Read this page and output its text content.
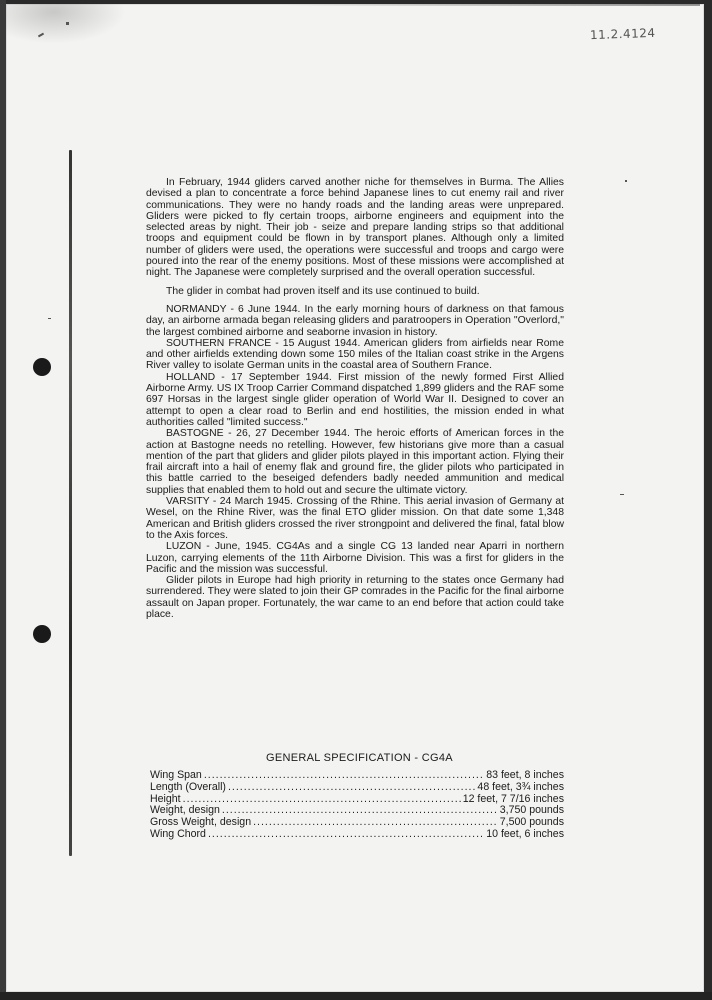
11.2.4124

In February, 1944 gliders carved another niche for themselves in Burma. The Allies devised a plan to concentrate a force behind Japanese lines to cut enemy rail and river communications. They were no handy roads and the landing areas were unprepared. Gliders were picked to fly certain troops, airborne engineers and equipment into the selected areas by night. Their job - seize and prepare landing strips so that additional troops and equipment could be flown in by transport planes. Although only a limited number of gliders were used, the operations were successful and troops and cargo were poured into the rear of the enemy positions. Most of these missions were accomplished at night. The Japanese were completely surprised and the overall operation successful.

The glider in combat had proven itself and its use continued to build.

NORMANDY - 6 June 1944. In the early morning hours of darkness on that famous day, an airborne armada began releasing gliders and paratroopers in Operation "Overlord," the largest combined airborne and seaborne invasion in history.

SOUTHERN FRANCE - 15 August 1944. American gliders from airfields near Rome and other airfields extending down some 150 miles of the Italian coast strike in the Argens River valley to isolate German units in the coastal area of Southern France.

HOLLAND - 17 September 1944. First mission of the newly formed First Allied Airborne Army. US IX Troop Carrier Command dispatched 1,899 gliders and the RAF some 697 Horsas in the largest single glider operation of World War II. Designed to cover an attempt to open a clear road to Berlin and end hostilities, the mission ended in what authorities called "limited success."

BASTOGNE - 26, 27 December 1944. The heroic efforts of American forces in the action at Bastogne needs no retelling. However, few historians give more than a casual mention of the part that gliders and glider pilots played in this important action. Flying their frail aircraft into a hail of enemy flak and ground fire, the glider pilots who participated in this battle carried to the beseiged defenders badly needed ammunition and medical supplies that enabled them to hold out and secure the ultimate victory.

VARSITY - 24 March 1945. Crossing of the Rhine. This aerial invasion of Germany at Wesel, on the Rhine River, was the final ETO glider mission. On that date some 1,348 American and British gliders crossed the river strongpoint and delivered the final, fatal blow to the Axis forces.

LUZON - June, 1945. CG4As and a single CG 13 landed near Aparri in northern Luzon, carrying elements of the 11th Airborne Division. This was a first for gliders in the Pacific and the mission was successful.

Glider pilots in Europe had high priority in returning to the states once Germany had surrendered. They were slated to join their GP comrades in the Pacific for the final airborne assault on Japan proper. Fortunately, the war came to an end before that action could take place.

GENERAL SPECIFICATION - CG4A
Wing Span .....	83 feet, 8 inches
Length (Overall) .....	48 feet, 3¾ inches
Height .....	12 feet, 7 7/16 inches
Weight, design .....	3,750 pounds
Gross Weight, design .....	7,500 pounds
Wing Chord .....	10 feet, 6 inches
